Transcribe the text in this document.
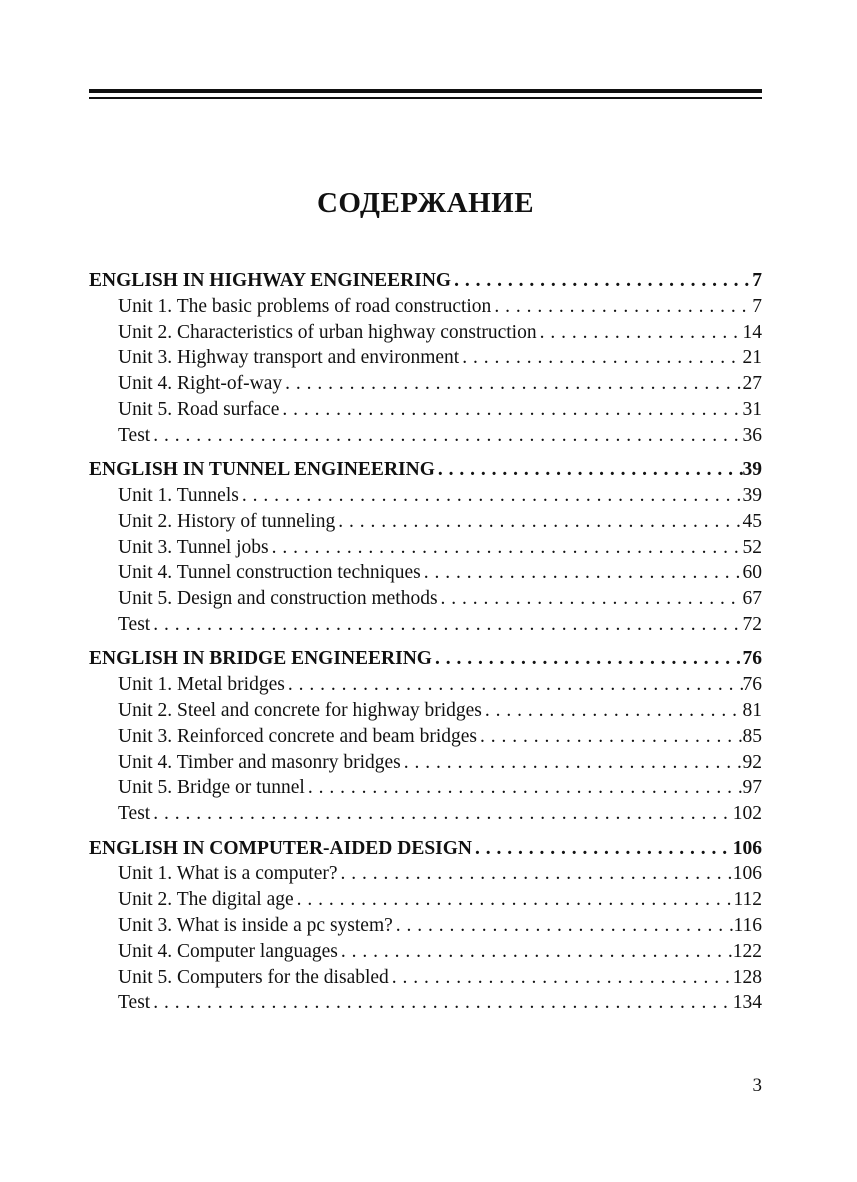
СОДЕРЖАНИЕ
ENGLISH IN HIGHWAY ENGINEERING . . .	7
Unit 1. The basic problems of road construction . . .	7
Unit 2. Characteristics of urban highway construction . . .	14
Unit 3. Highway transport and environment . . .	21
Unit 4. Right-of-way . . .	27
Unit 5. Road surface . . .	31
Test . . .	36
ENGLISH IN TUNNEL ENGINEERING . . .	39
Unit 1. Tunnels . . .	39
Unit 2. History of tunneling . . .	45
Unit 3. Tunnel jobs . . .	52
Unit 4. Tunnel construction techniques . . .	60
Unit 5. Design and construction methods . . .	67
Test . . .	72
ENGLISH IN BRIDGE ENGINEERING . . .	76
Unit 1. Metal bridges . . .	76
Unit 2. Steel and concrete for highway bridges . . .	81
Unit 3. Reinforced concrete and beam bridges . . .	85
Unit 4. Timber and masonry bridges . . .	92
Unit 5. Bridge or tunnel . . .	97
Test . . .	102
ENGLISH IN COMPUTER-AIDED DESIGN . . .	106
Unit 1. What is a computer? . . .	106
Unit 2. The digital age . . .	112
Unit 3. What is inside a pc system? . . .	116
Unit 4. Computer languages . . .	122
Unit 5. Computers for the disabled . . .	128
Test . . .	134
3
